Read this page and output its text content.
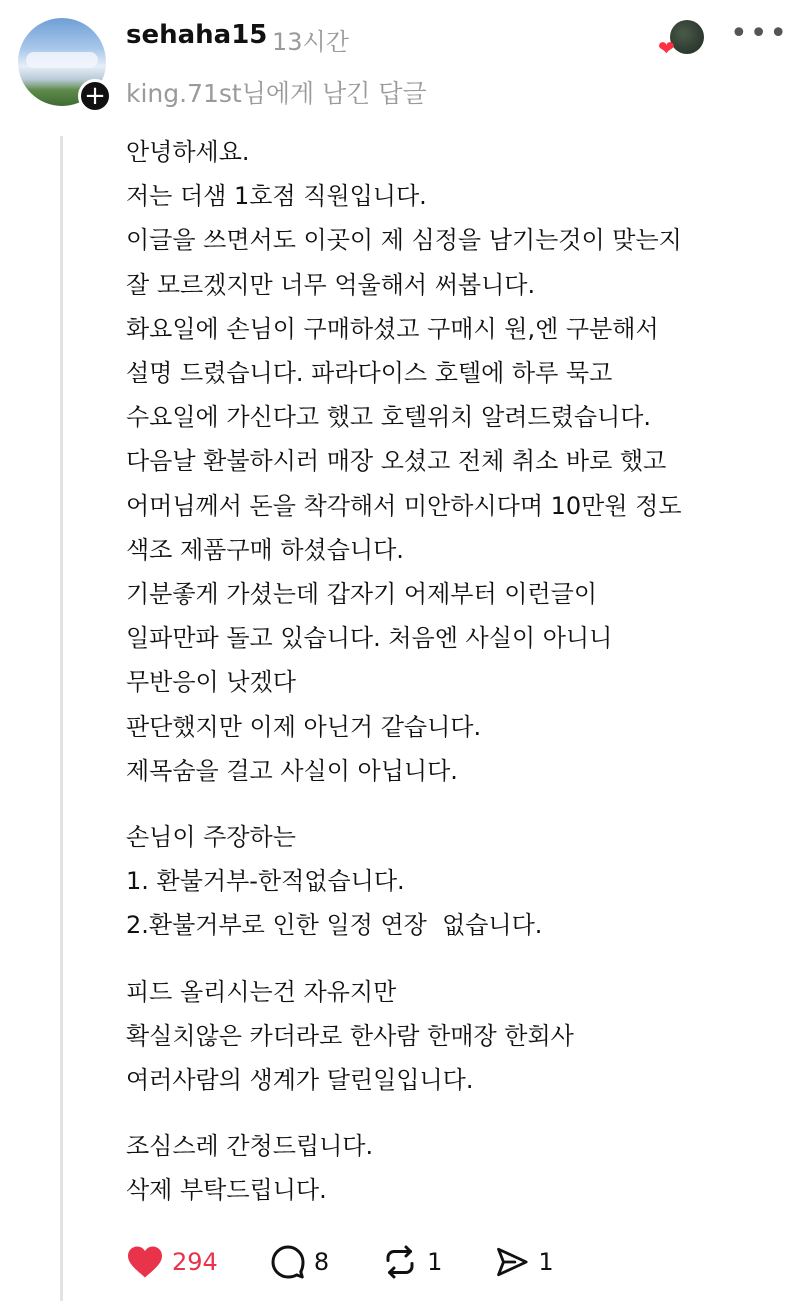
+
sehaha15 13시간	❤ •••
king.71st님에게 남긴 답글

안녕하세요.

저는 더샘 1호점 직원입니다.

이글을 쓰면서도 이곳이 제 심정을 남기는것이 맞는지

잘 모르겠지만 너무 억울해서 써봅니다.

화요일에 손님이 구매하셨고 구매시 원,엔 구분해서

설명 드렸습니다. 파라다이스 호텔에 하루 묵고

수요일에 가신다고 했고 호텔위치 알려드렸습니다.

다음날 환불하시러 매장 오셨고 전체 취소 바로 했고

어머님께서 돈을 착각해서 미안하시다며 10만원 정도

색조 제품구매 하셨습니다.

기분좋게 가셨는데 갑자기 어제부터 이런글이

일파만파 돌고 있습니다. 처음엔 사실이 아니니

무반응이 낫겠다

판단했지만 이제 아닌거 같습니다.

제목숨을 걸고 사실이 아닙니다.

손님이 주장하는

1. 환불거부-한적없습니다.

2.환불거부로 인한 일정 연장  없습니다.

피드 올리시는건 자유지만

확실치않은 카더라로 한사람 한매장 한회사

여러사람의 생계가 달린일입니다.

조심스레 간청드립니다.

삭제 부탁드립니다.

294	8	1	1
